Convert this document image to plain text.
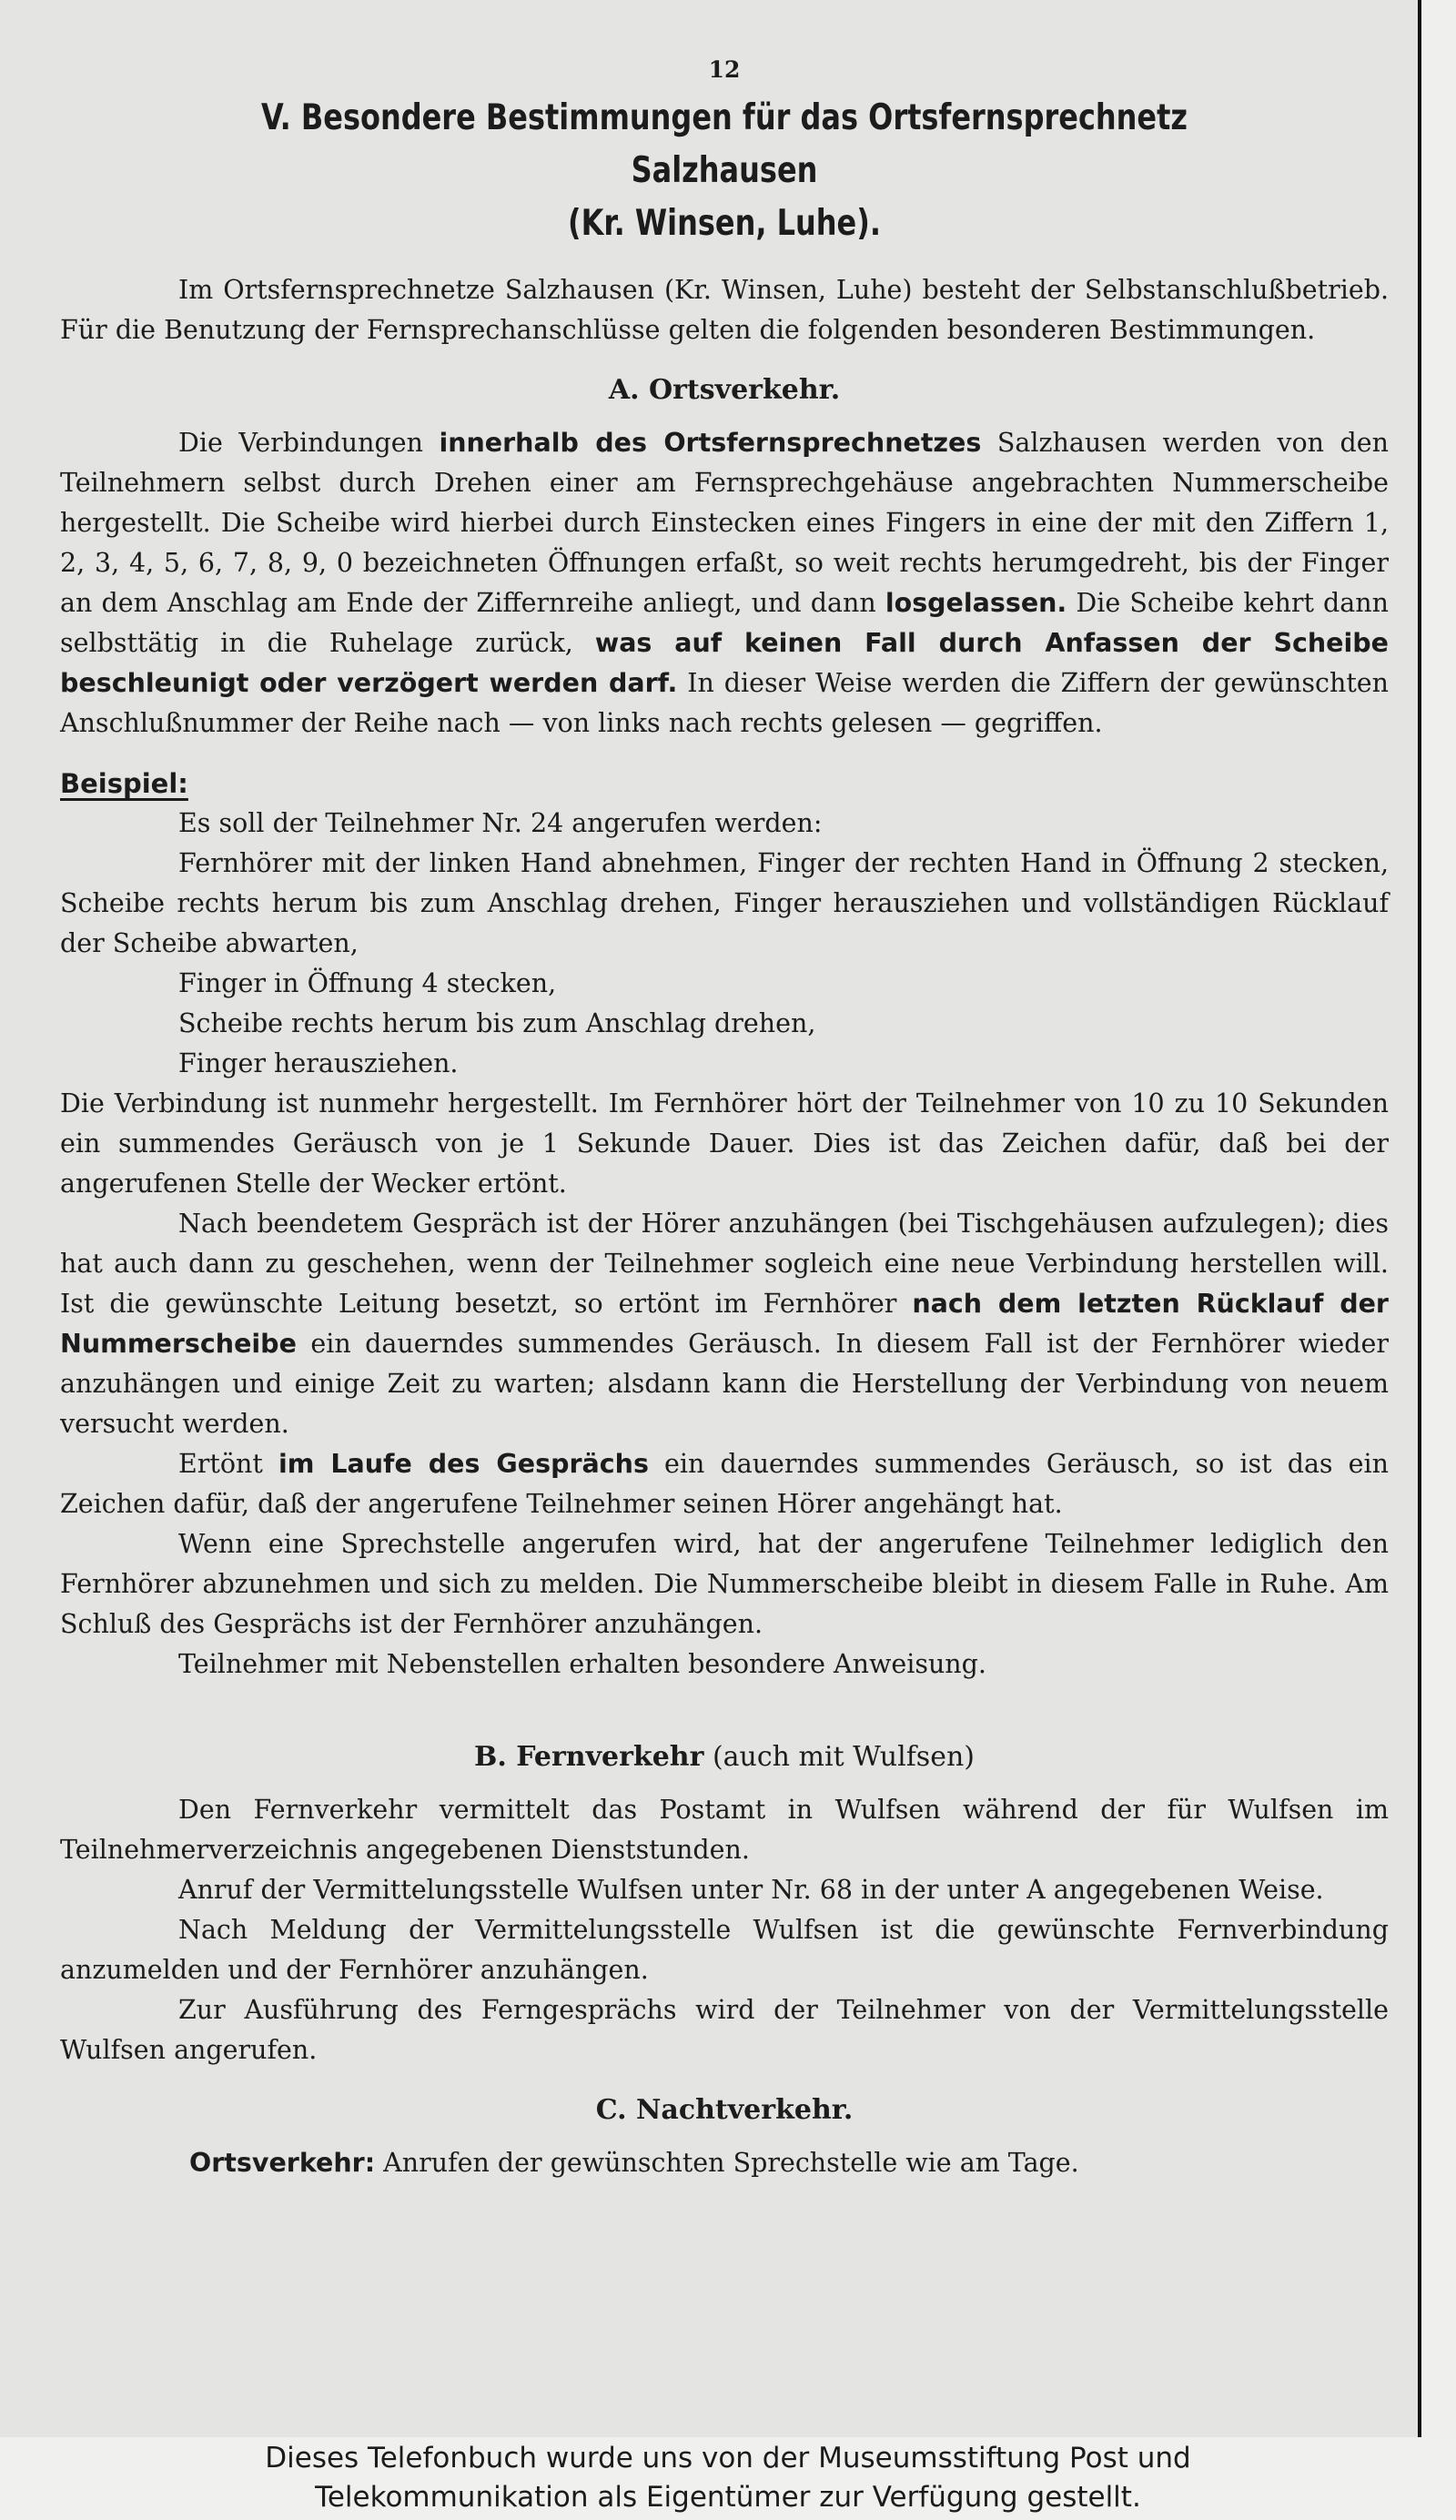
12

V. Besondere Bestimmungen für das Ortsfernsprechnetz Salzhausen

(Kr. Winsen, Luhe).

Im Ortsfernsprechnetze Salzhausen (Kr. Winsen, Luhe) besteht der Selbstanschlußbetrieb. Für die Benutzung der Fernsprechanschlüsse gelten die folgenden besonderen Bestimmungen.

A. Ortsverkehr.

Die Verbindungen innerhalb des Ortsfernsprechnetzes Salzhausen werden von den Teilnehmern selbst durch Drehen einer am Fernsprechgehäuse angebrachten Nummerscheibe hergestellt. Die Scheibe wird hierbei durch Einstecken eines Fingers in eine der mit den Ziffern 1, 2, 3, 4, 5, 6, 7, 8, 9, 0 bezeichneten Öffnungen erfaßt, so weit rechts herumgedreht, bis der Finger an dem Anschlag am Ende der Ziffernreihe anliegt, und dann losgelassen. Die Scheibe kehrt dann selbsttätig in die Ruhelage zurück, was auf keinen Fall durch Anfassen der Scheibe beschleunigt oder verzögert werden darf. In dieser Weise werden die Ziffern der gewünschten Anschlußnummer der Reihe nach — von links nach rechts gelesen — gegriffen.

Beispiel:

Es soll der Teilnehmer Nr. 24 angerufen werden:

Fernhörer mit der linken Hand abnehmen, Finger der rechten Hand in Öffnung 2 stecken, Scheibe rechts herum bis zum Anschlag drehen, Finger herausziehen und vollständigen Rücklauf der Scheibe abwarten,

Finger in Öffnung 4 stecken,

Scheibe rechts herum bis zum Anschlag drehen,

Finger herausziehen.

Die Verbindung ist nunmehr hergestellt. Im Fernhörer hört der Teilnehmer von 10 zu 10 Sekunden ein summendes Geräusch von je 1 Sekunde Dauer. Dies ist das Zeichen dafür, daß bei der angerufenen Stelle der Wecker ertönt.

Nach beendetem Gespräch ist der Hörer anzuhängen (bei Tischgehäusen aufzulegen); dies hat auch dann zu geschehen, wenn der Teilnehmer sogleich eine neue Verbindung herstellen will. Ist die gewünschte Leitung besetzt, so ertönt im Fernhörer nach dem letzten Rücklauf der Nummerscheibe ein dauerndes summendes Geräusch. In diesem Fall ist der Fernhörer wieder anzuhängen und einige Zeit zu warten; alsdann kann die Herstellung der Verbindung von neuem versucht werden.

Ertönt im Laufe des Gesprächs ein dauerndes summendes Geräusch, so ist das ein Zeichen dafür, daß der angerufene Teilnehmer seinen Hörer angehängt hat.

Wenn eine Sprechstelle angerufen wird, hat der angerufene Teilnehmer lediglich den Fernhörer abzunehmen und sich zu melden. Die Nummerscheibe bleibt in diesem Falle in Ruhe. Am Schluß des Gesprächs ist der Fernhörer anzuhängen.

Teilnehmer mit Nebenstellen erhalten besondere Anweisung.

B. Fernverkehr (auch mit Wulfsen)

Den Fernverkehr vermittelt das Postamt in Wulfsen während der für Wulfsen im Teilnehmerverzeichnis angegebenen Dienststunden.

Anruf der Vermittelungsstelle Wulfsen unter Nr. 68 in der unter A angegebenen Weise.

Nach Meldung der Vermittelungsstelle Wulfsen ist die gewünschte Fernverbindung anzumelden und der Fernhörer anzuhängen.

Zur Ausführung des Ferngesprächs wird der Teilnehmer von der Vermittelungsstelle Wulfsen angerufen.

C. Nachtverkehr.

Ortsverkehr: Anrufen der gewünschten Sprechstelle wie am Tage.

Dieses Telefonbuch wurde uns von der Museumsstiftung Post und
Telekommunikation als Eigentümer zur Verfügung gestellt.
